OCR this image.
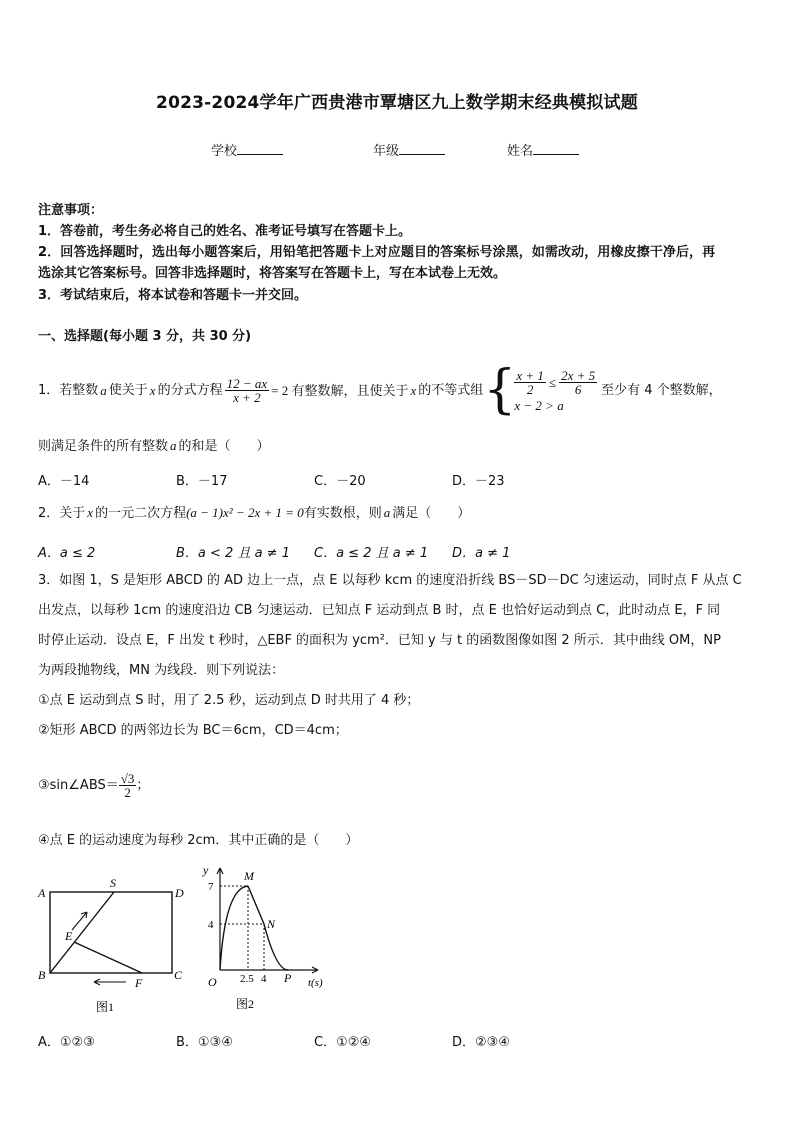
2023-2024学年广西贵港市覃塘区九上数学期末经典模拟试题
学校	年级	姓名
注意事项：
1．答卷前，考生务必将自己的姓名、准考证号填写在答题卡上。
2．回答选择题时，选出每小题答案后，用铅笔把答题卡上对应题目的答案标号涂黑，如需改动，用橡皮擦干净后，再
选涂其它答案标号。回答非选择题时，将答案写在答题卡上，写在本试卷上无效。
3．考试结束后，将本试卷和答题卡一并交回。
一、选择题(每小题 3 分，共 30 分)
1．若整数 a 使关于 x 的分式方程 $\frac{12 - ax}{x + 2} = 2$ 有整数解，且使关于 x 的不等式组 {
$\frac{x + 1}{2} \le \frac{2x + 5}{6}$
x − 2 > a
至少有 4 个整数解，
则满足条件的所有整数 a 的和是（　　）
A．－14	B．－17	C．－20	D．－23
2．关于 x 的一元二次方程(a − 1)x² − 2x + 1 = 0有实数根，则 a 满足（　　）
A．a ≤ 2	B．a < 2 且 a ≠ 1 C．a ≤ 2 且 a ≠ 1 D．a ≠ 1
3．如图 1，S 是矩形 ABCD 的 AD 边上一点，点 E 以每秒 kcm 的速度沿折线 BS－SD－DC 匀速运动，同时点 F 从点 C
出发点，以每秒 1cm 的速度沿边 CB 匀速运动．已知点 F 运动到点 B 时，点 E 也恰好运动到点 C，此时动点 E，F 同
时停止运动．设点 E，F 出发 t 秒时，△EBF 的面积为 ycm²．已知 y 与 t 的函数图像如图 2 所示．其中曲线 OM，NP
为两段抛物线，MN 为线段．则下列说法：
①点 E 运动到点 S 时，用了 2.5 秒，运动到点 D 时共用了 4 秒；
②矩形 ABCD 的两邻边长为 BC＝6cm，CD＝4cm；
③sin∠ABS＝ $\frac{√3}{2}$ ；
④点 E 的运动速度为每秒 2cm．其中正确的是（　　）
A
S
D
E
B
F
C
图1
y
7
4
M
N
O 2.5 4 P t(s)
图2
A．①②③	B．①③④	C．①②④	D．②③④
